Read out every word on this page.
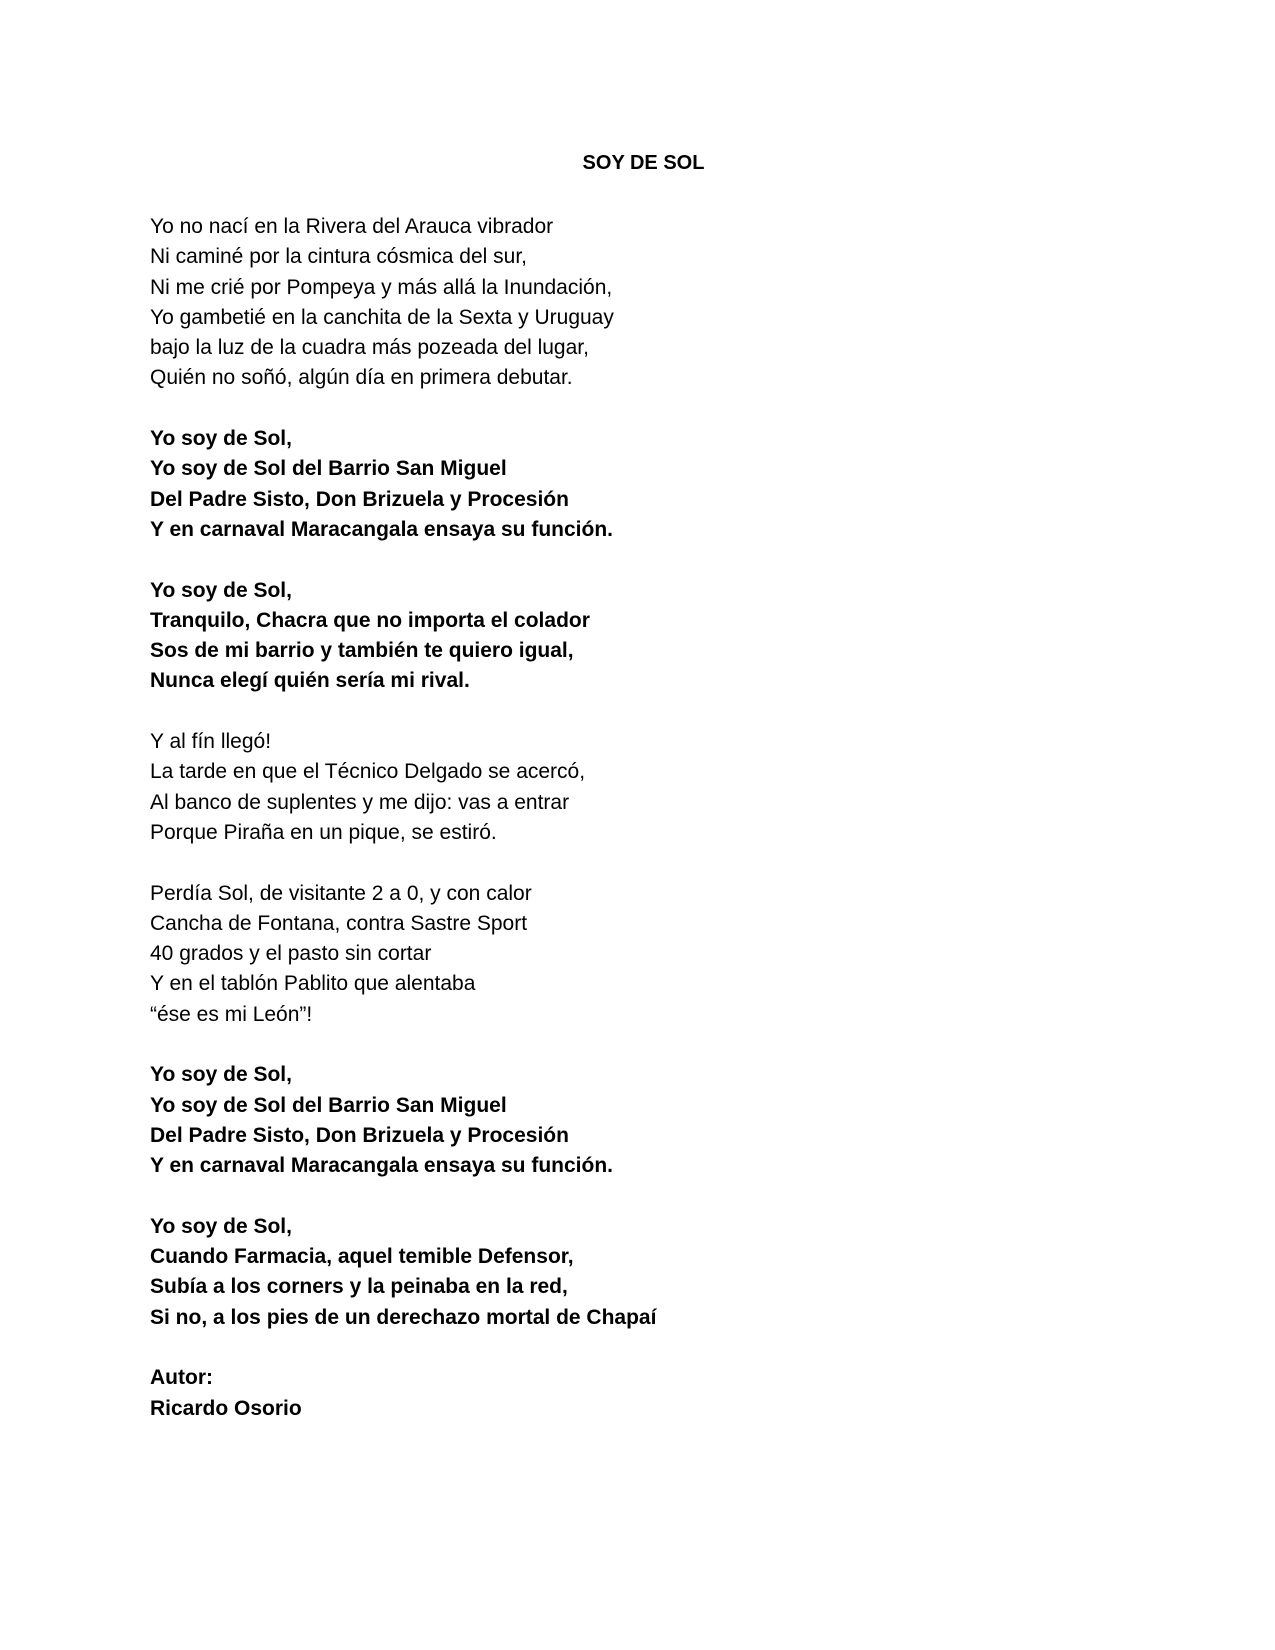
SOY DE SOL
Yo no nací en la Rivera del Arauca vibrador
Ni caminé por la cintura cósmica del sur,
Ni me crié por Pompeya y más allá la Inundación,
Yo gambetié en la canchita de la Sexta y Uruguay
bajo la luz de la cuadra más pozeada del lugar,
Quién no soñó, algún día en primera debutar.
Yo soy de Sol,
Yo soy de Sol del Barrio San Miguel
Del Padre Sisto, Don Brizuela y Procesión
Y en carnaval Maracangala ensaya su función.
Yo soy de Sol,
Tranquilo, Chacra que no importa el colador
Sos de mi barrio y también te quiero igual,
Nunca elegí quién sería mi rival.
Y al fín llegó!
La tarde en que el Técnico Delgado se acercó,
Al banco de suplentes y me dijo: vas a entrar
Porque Piraña en un pique, se estiró.
Perdía Sol, de visitante 2 a 0, y con calor
Cancha de Fontana, contra Sastre Sport
40 grados y el pasto sin cortar
Y en el tablón Pablito que alentaba
“ése es mi León”!
Yo soy de Sol,
Yo soy de Sol del Barrio San Miguel
Del Padre Sisto, Don Brizuela y Procesión
Y en carnaval Maracangala ensaya su función.
Yo soy de Sol,
Cuando Farmacia, aquel temible Defensor,
Subía a los corners y la peinaba en la red,
Si no, a los pies de un derechazo mortal de Chapaí
Autor:
Ricardo Osorio
